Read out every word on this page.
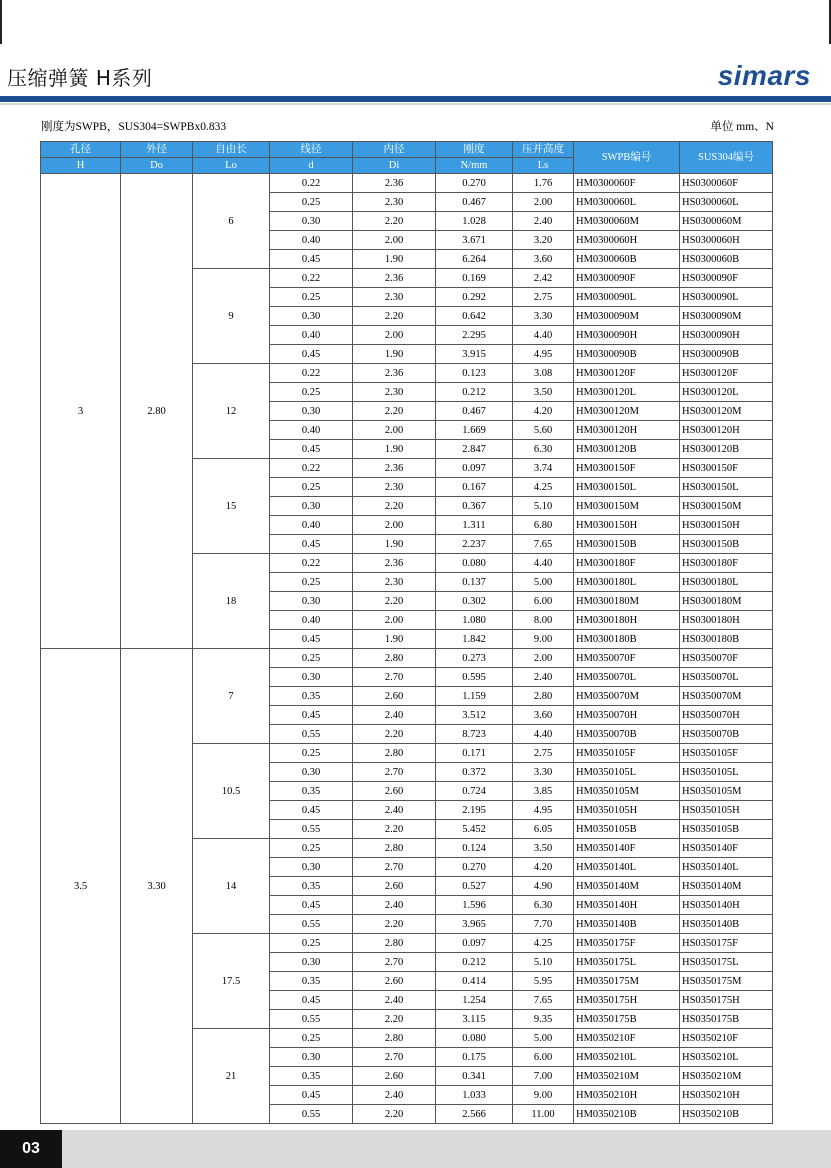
压缩弹簧 H系列	simars
刚度为SWPB，SUS304=SWPBx0.833	单位 mm、N
孔径	外径	自由长	线径	内径	刚度	压并高度	SWPB编号	SUS304编号
H	Do	Lo	d	Di	N/mm	Ls		
3	2.80	6	0.22	2.36	0.270	1.76	HM0300060F	HS0300060F
			0.25	2.30	0.467	2.00	HM0300060L	HS0300060L
			0.30	2.20	1.028	2.40	HM0300060M	HS0300060M
			0.40	2.00	3.671	3.20	HM0300060H	HS0300060H
			0.45	1.90	6.264	3.60	HM0300060B	HS0300060B
		9	0.22	2.36	0.169	2.42	HM0300090F	HS0300090F
			0.25	2.30	0.292	2.75	HM0300090L	HS0300090L
			0.30	2.20	0.642	3.30	HM0300090M	HS0300090M
			0.40	2.00	2.295	4.40	HM0300090H	HS0300090H
			0.45	1.90	3.915	4.95	HM0300090B	HS0300090B
		12	0.22	2.36	0.123	3.08	HM0300120F	HS0300120F
			0.25	2.30	0.212	3.50	HM0300120L	HS0300120L
			0.30	2.20	0.467	4.20	HM0300120M	HS0300120M
			0.40	2.00	1.669	5.60	HM0300120H	HS0300120H
			0.45	1.90	2.847	6.30	HM0300120B	HS0300120B
		15	0.22	2.36	0.097	3.74	HM0300150F	HS0300150F
			0.25	2.30	0.167	4.25	HM0300150L	HS0300150L
			0.30	2.20	0.367	5.10	HM0300150M	HS0300150M
			0.40	2.00	1.311	6.80	HM0300150H	HS0300150H
			0.45	1.90	2.237	7.65	HM0300150B	HS0300150B
		18	0.22	2.36	0.080	4.40	HM0300180F	HS0300180F
			0.25	2.30	0.137	5.00	HM0300180L	HS0300180L
			0.30	2.20	0.302	6.00	HM0300180M	HS0300180M
			0.40	2.00	1.080	8.00	HM0300180H	HS0300180H
			0.45	1.90	1.842	9.00	HM0300180B	HS0300180B
3.5	3.30	7	0.25	2.80	0.273	2.00	HM0350070F	HS0350070F
			0.30	2.70	0.595	2.40	HM0350070L	HS0350070L
			0.35	2.60	1.159	2.80	HM0350070M	HS0350070M
			0.45	2.40	3.512	3.60	HM0350070H	HS0350070H
			0.55	2.20	8.723	4.40	HM0350070B	HS0350070B
		10.5	0.25	2.80	0.171	2.75	HM0350105F	HS0350105F
			0.30	2.70	0.372	3.30	HM0350105L	HS0350105L
			0.35	2.60	0.724	3.85	HM0350105M	HS0350105M
			0.45	2.40	2.195	4.95	HM0350105H	HS0350105H
			0.55	2.20	5.452	6.05	HM0350105B	HS0350105B
		14	0.25	2.80	0.124	3.50	HM0350140F	HS0350140F
			0.30	2.70	0.270	4.20	HM0350140L	HS0350140L
			0.35	2.60	0.527	4.90	HM0350140M	HS0350140M
			0.45	2.40	1.596	6.30	HM0350140H	HS0350140H
			0.55	2.20	3.965	7.70	HM0350140B	HS0350140B
		17.5	0.25	2.80	0.097	4.25	HM0350175F	HS0350175F
			0.30	2.70	0.212	5.10	HM0350175L	HS0350175L
			0.35	2.60	0.414	5.95	HM0350175M	HS0350175M
			0.45	2.40	1.254	7.65	HM0350175H	HS0350175H
			0.55	2.20	3.115	9.35	HM0350175B	HS0350175B
		21	0.25	2.80	0.080	5.00	HM0350210F	HS0350210F
			0.30	2.70	0.175	6.00	HM0350210L	HS0350210L
			0.35	2.60	0.341	7.00	HM0350210M	HS0350210M
			0.45	2.40	1.033	9.00	HM0350210H	HS0350210H
			0.55	2.20	2.566	11.00	HM0350210B	HS0350210B
03
